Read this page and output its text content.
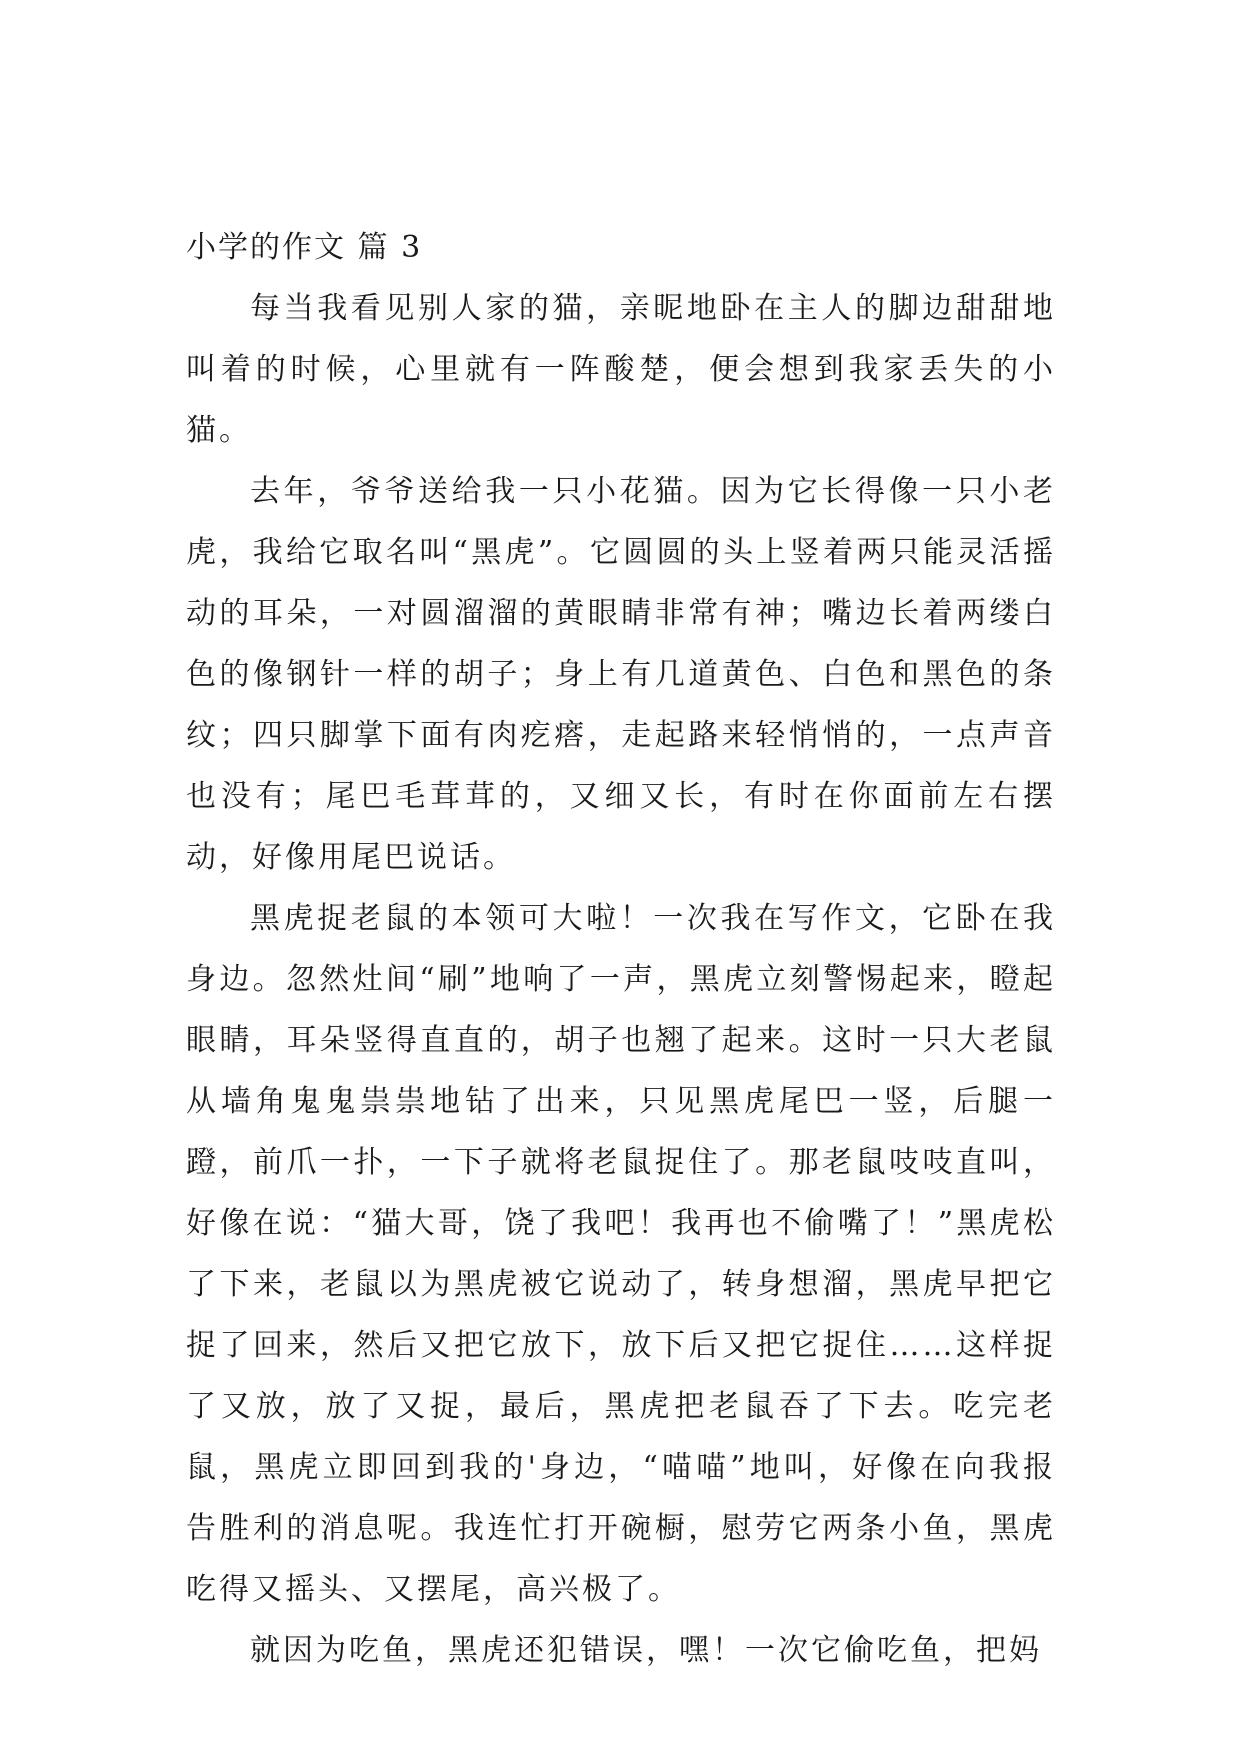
小学的作文 篇 3

每当我看见别人家的猫，亲昵地卧在主人的脚边甜甜地叫着的时候，心里就有一阵酸楚，便会想到我家丢失的小猫。

去年，爷爷送给我一只小花猫。因为它长得像一只小老虎，我给它取名叫“黑虎”。它圆圆的头上竖着两只能灵活摇动的耳朵，一对圆溜溜的黄眼睛非常有神；嘴边长着两缕白色的像钢针一样的胡子；身上有几道黄色、白色和黑色的条纹；四只脚掌下面有肉疙瘩，走起路来轻悄悄的，一点声音也没有；尾巴毛茸茸的，又细又长，有时在你面前左右摆动，好像用尾巴说话。

黑虎捉老鼠的本领可大啦！一次我在写作文，它卧在我身边。忽然灶间“刷”地响了一声，黑虎立刻警惕起来，瞪起眼睛，耳朵竖得直直的，胡子也翘了起来。这时一只大老鼠从墙角鬼鬼祟祟地钻了出来，只见黑虎尾巴一竖，后腿一蹬，前爪一扑，一下子就将老鼠捉住了。那老鼠吱吱直叫，好像在说：“猫大哥，饶了我吧！我再也不偷嘴了！”黑虎松了下来，老鼠以为黑虎被它说动了，转身想溜，黑虎早把它捉了回来，然后又把它放下，放下后又把它捉住……这样捉了又放，放了又捉，最后，黑虎把老鼠吞了下去。吃完老鼠，黑虎立即回到我的'身边，“喵喵”地叫，好像在向我报告胜利的消息呢。我连忙打开碗橱，慰劳它两条小鱼，黑虎吃得又摇头、又摆尾，高兴极了。

就因为吃鱼，黑虎还犯错误，嘿！一次它偷吃鱼，把妈
